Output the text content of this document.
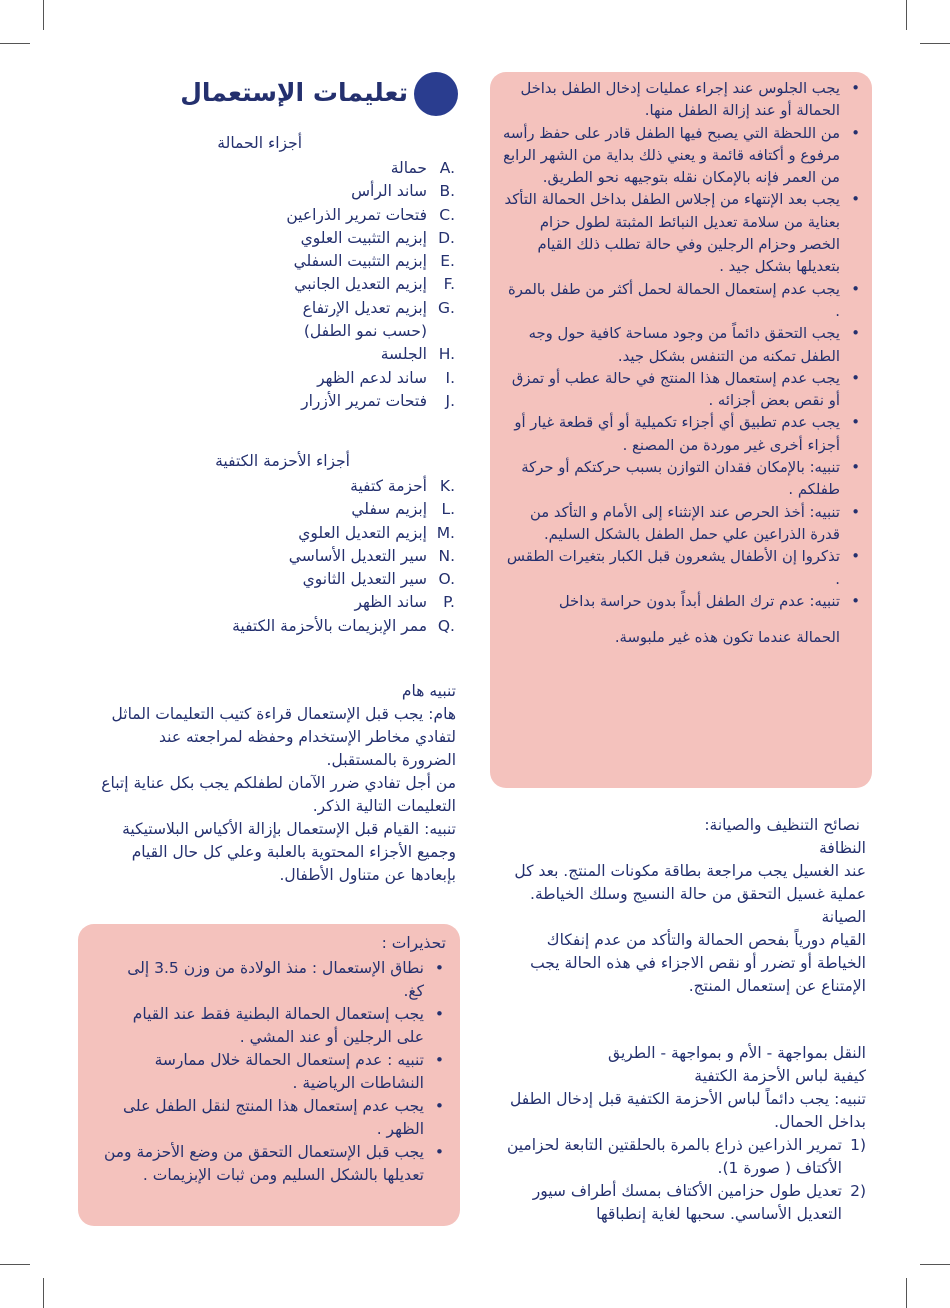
تعليمات الإستعمال
أجزاء الحمالة
A.
حمالة
B.
ساند الرأس
C.
فتحات تمرير الذراعين
D.
إبزيم التثبيت العلوي
E.
إبزيم التثبيت السفلي
F.
إبزيم التعديل الجانبي
G.
إبزيم تعديل الإرتفاع
(حسب نمو الطفل)
H.
الجلسة
I.
ساند لدعم الظهر
J.
فتحات تمرير الأزرار
أجزاء الأحزمة الكتفية
K.
أحزمة كتفية
L.
إبزيم سفلي
M.
إبزيم التعديل العلوي
N.
سير التعديل الأساسي
O.
سير التعديل الثانوي
P.
ساند الظهر
Q.
ممر الإبزيمات بالأحزمة الكتفية
تنبيه هام
هام: يجب قبل الإستعمال قراءة كتيب التعليمات الماثل لتفادي مخاطر الإستخدام وحفظه لمراجعته عند الضرورة بالمستقبل.
من أجل تفادي ضرر الآمان لطفلكم يجب بكل عناية إتباع التعليمات التالية الذكر.
تنبيه: القيام قبل الإستعمال بإزالة الأكياس البلاستيكية وجميع الأجزاء المحتوية بالعلبة وعلي كل حال القيام بإبعادها عن متناول الأطفال.
تحذيرات :
• نطاق الإستعمال : منذ الولادة من وزن 3.5 إلى كغ.
• يجب إستعمال الحمالة البطنية فقط عند القيام على الرجلين أو عند المشي .
• تنبيه : عدم إستعمال الحمالة خلال ممارسة النشاطات الرياضية .
• يجب عدم إستعمال هذا المنتج لنقل الطفل على الظهر .
• يجب قبل الإستعمال التحقق من وضع الأحزمة ومن تعديلها بالشكل السليم ومن ثبات الإبزيمات .
• يجب الجلوس عند إجراء عمليات إدخال الطفل بداخل الحمالة أو عند إزالة الطفل منها.
• من اللحظة التي يصبح فيها الطفل قادر على حفظ رأسه مرفوع و أكتافه قائمة و يعني ذلك بداية من الشهر الرابع من العمر فإنه بالإمكان نقله بتوجيهه نحو الطريق.
• يجب بعد الإنتهاء من إجلاس الطفل بداخل الحمالة التأكد بعناية من سلامة تعديل النبائط المثبتة لطول حزام الخصر وحزام الرجلين وفي حالة تطلب ذلك القيام بتعديلها بشكل جيد .
• يجب عدم إستعمال الحمالة لحمل أكثر من طفل بالمرة .
• يجب التحقق دائماً من وجود مساحة كافية حول وجه الطفل تمكنه من التنفس بشكل جيد.
• يجب عدم إستعمال هذا المنتج في حالة عطب أو تمزق أو نقص بعض أجزائه .
• يجب عدم تطبيق أي أجزاء تكميلية أو أي قطعة غيار أو أجزاء أخرى غير موردة من المصنع .
• تنبيه: بالإمكان فقدان التوازن بسبب حركتكم أو حركة طفلكم .
• تنبيه: أخذ الحرص عند الإنثناء إلى الأمام و التأكد من قدرة الذراعين علي حمل الطفل بالشكل السليم.
• تذكروا إن الأطفال يشعرون قبل الكبار بتغيرات الطقس .
• تنبيه: عدم ترك الطفل أبداً بدون حراسة بداخل
الحمالة عندما تكون هذه غير ملبوسة.
نصائح التنظيف والصيانة:
النظافة
عند الغسيل يجب مراجعة بطاقة مكونات المنتج. بعد كل عملية غسيل التحقق من حالة النسيج وسلك الخياطة.
الصيانة
القيام دورياً بفحص الحمالة والتأكد من عدم إنفكاك الخياطة أو تضرر أو نقص الاجزاء في هذه الحالة يجب الإمتناع عن إستعمال المنتج.
النقل بمواجهة - الأم و بمواجهة - الطريق
كيفية لباس الأحزمة الكتفية
تنبيه: يجب دائماً لباس الأحزمة الكتفية قبل إدخال الطفل بداخل الحمال.
1)
تمرير الذراعين ذراع بالمرة بالحلقتين التابعة لحزامين الأكتاف ( صورة 1).
2)
تعديل طول حزامين الأكتاف بمسك أطراف سيور التعديل الأساسي. سحبها لغاية إنطباقها
